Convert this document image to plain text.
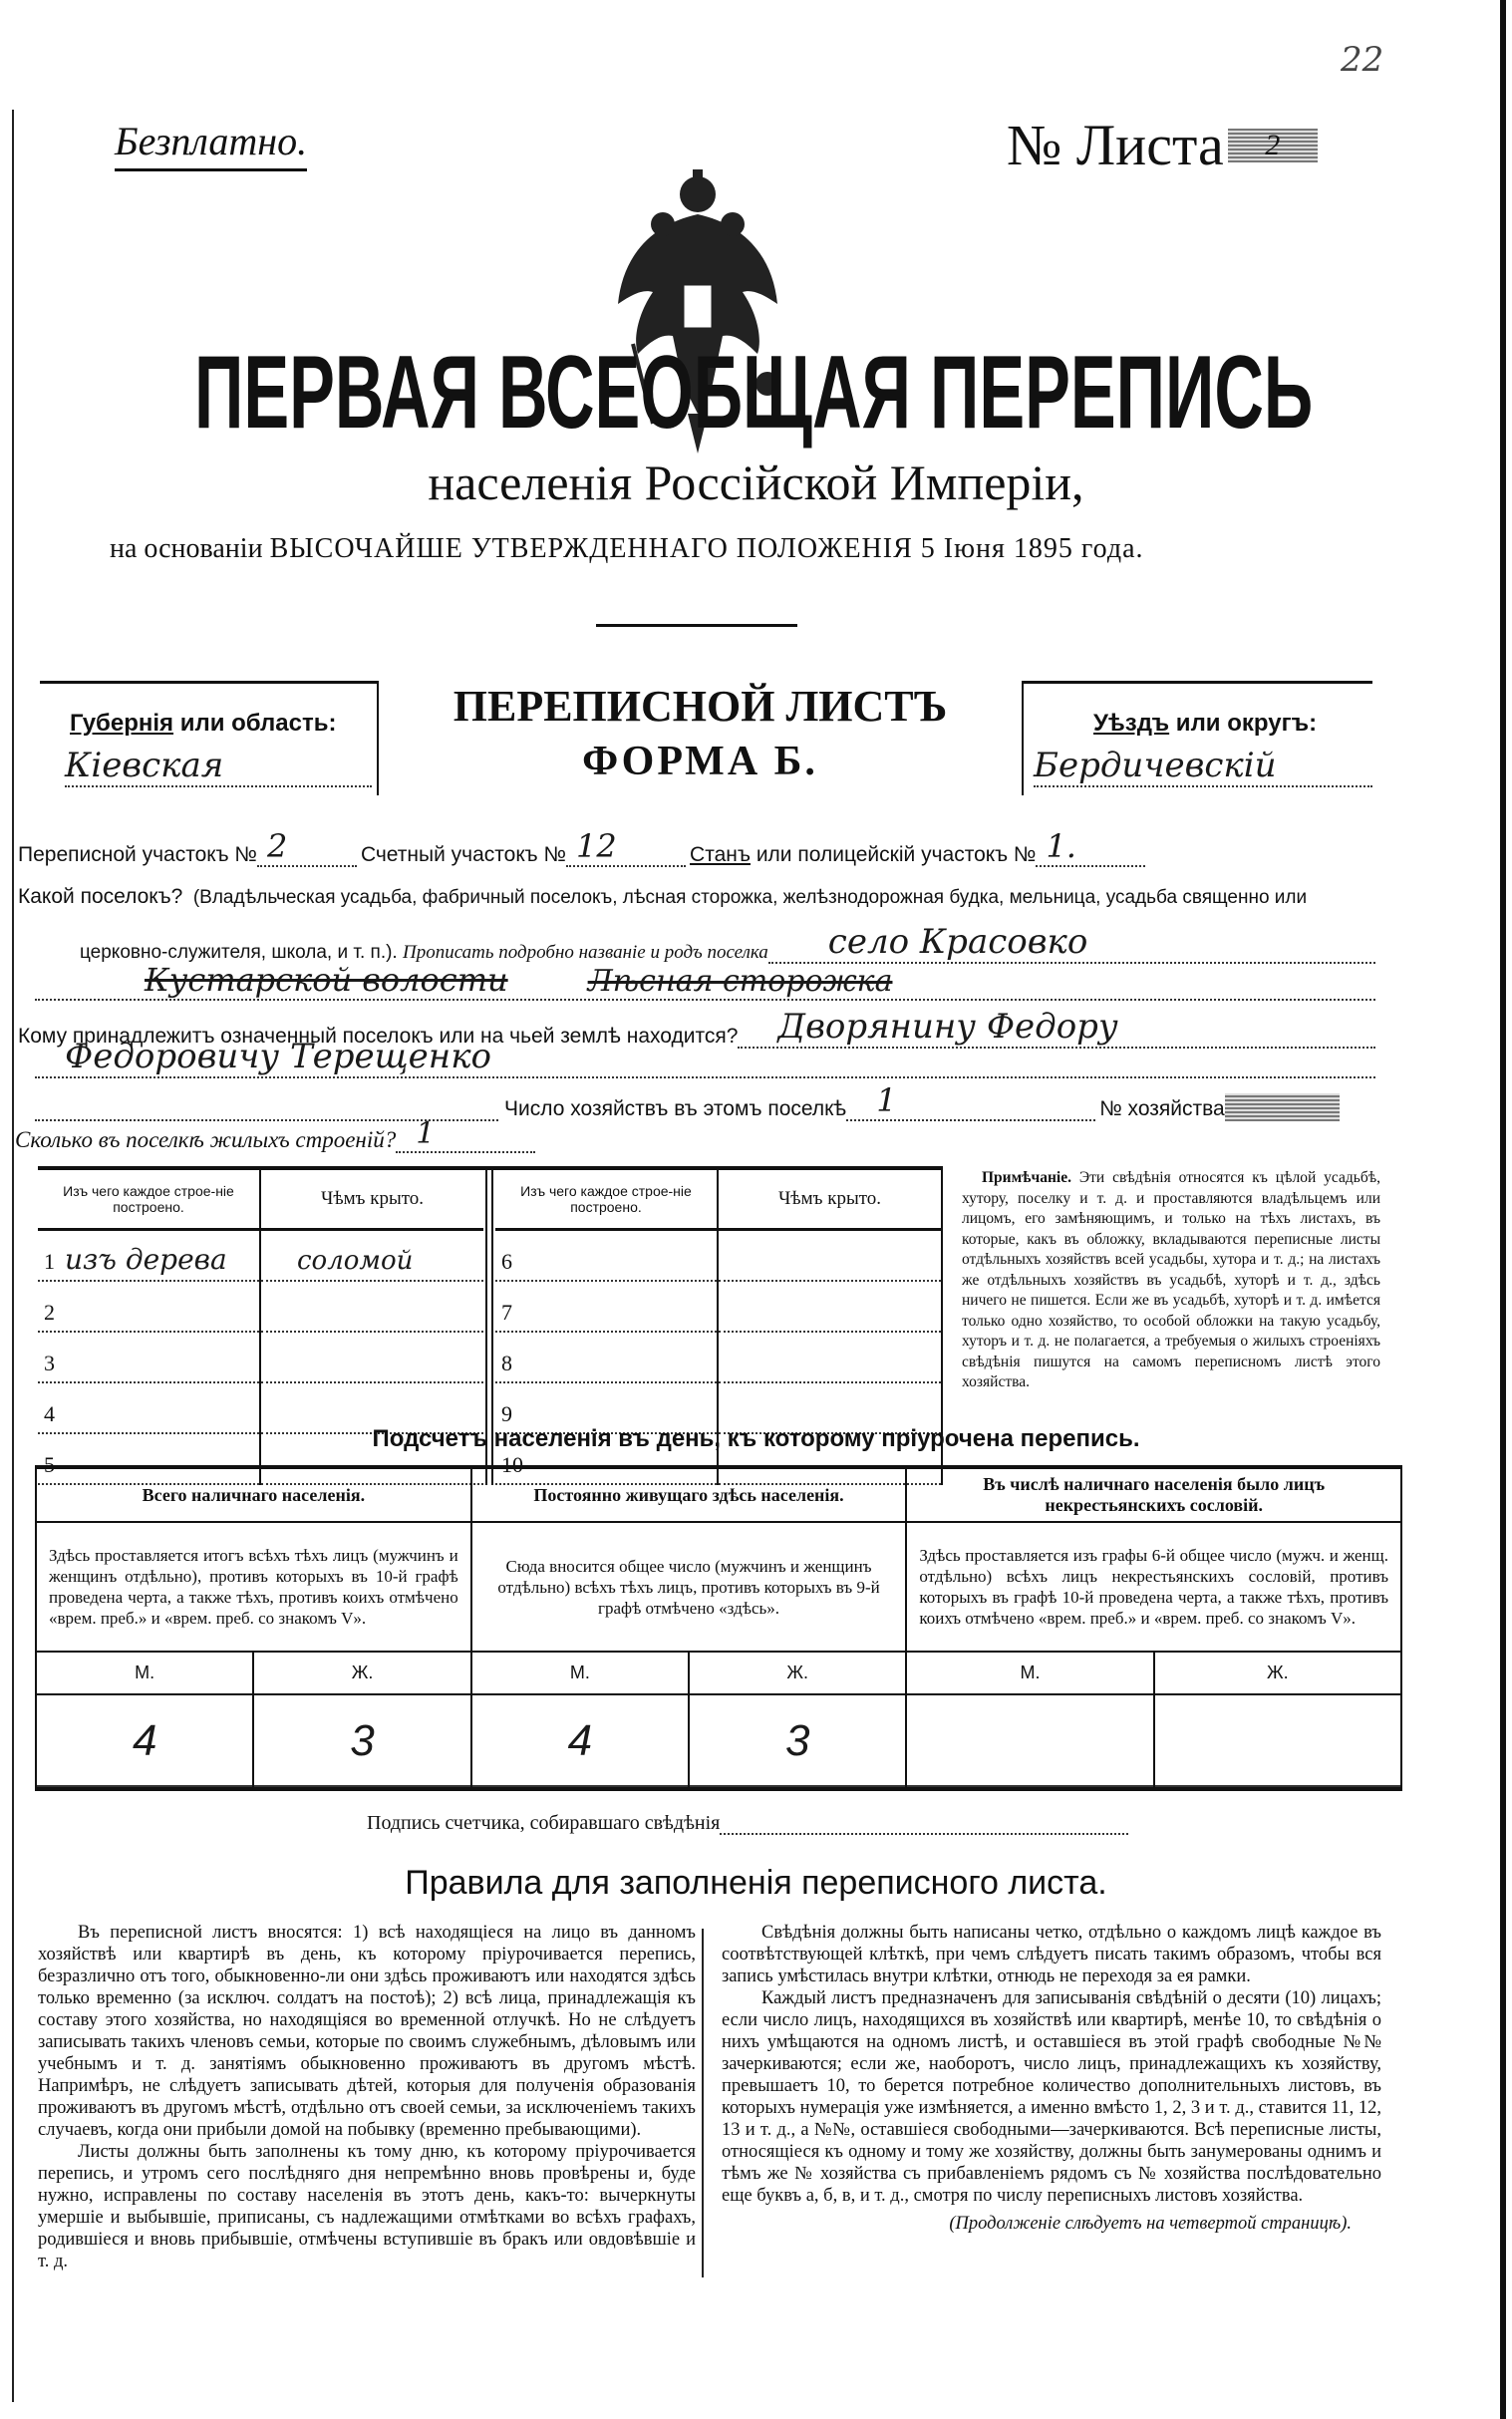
22
Безплатно.	№ Листа	2
ПЕРВАЯ ВСЕОБЩАЯ ПЕРЕПИСЬ
населенія Россійской Имперіи,
на основаніи ВЫСОЧАЙШЕ УТВЕРЖДЕННАГО ПОЛОЖЕНІЯ 5 Іюня 1895 года.
Губернія или область:
Кіевская
ПЕРЕПИСНОЙ ЛИСТЪ
ФОРМА Б.
Уѣздъ или округъ:
Бердичевскій
Переписной участокъ № 2	Счетный участокъ № 12	Станъ
или полицейскій участокъ № 1.
Какой поселокъ? (Владѣльческая усадьба, фабричный поселокъ, лѣсная сторожка, желѣзнодорожная будка, мельница, усадьба священно или
церковно-служителя, школа, и т. п.).
Прописать подробно названіе и родъ поселка	село Красовко
Кустарской волости	Лѣсная сторожка
Кому принадлежитъ означенный поселокъ или на чьей землѣ находится?	Дворянину Федору
Федоровичу Терещенко
Число хозяйствъ въ этомъ поселкѣ 1	№ хозяйства
Сколько въ поселкѣ жилыхъ строеній? 1
Изъ чего каждое строе-ніе построено.	Чѣмъ крыто.
1 изъ дерева	соломой
2	
3	
4	
5	
Изъ чего каждое строе-ніе построено.	Чѣмъ крыто.
6	
7	
8	
9	
10	
Примѣчаніе. Эти свѣдѣнія относятся къ цѣлой усадьбѣ, хутору, поселку и т. д. и проставляются владѣльцемъ или лицомъ, его замѣняющимъ, и только на тѣхъ листахъ, въ которые, какъ въ обложку, вкладываются переписные листы отдѣльныхъ хозяйствъ всей усадьбы, хутора и т. д.; на листахъ же отдѣльныхъ хозяйствъ въ усадьбѣ, хуторѣ и т. д., здѣсь ничего не пишется. Если же въ усадьбѣ, хуторѣ и т. д. имѣется только одно хозяйство, то особой обложки на такую усадьбу, хуторъ и т. д. не полагается, а требуемыя о жилыхъ строеніяхъ свѣдѣнія пишутся на самомъ переписномъ листѣ этого хозяйства.
Подсчетъ населенія въ день, къ которому пріурочена перепись.
Всего наличнаго населенія.		Постоянно живущаго здѣсь населенія.		Въ числѣ наличнаго населенія было лицъ некрестьянскихъ сословій.	
Здѣсь проставляется итогъ всѣхъ тѣхъ лицъ (мужчинъ и женщинъ отдѣльно), противъ которыхъ въ 10-й графѣ проведена черта, а также тѣхъ, противъ коихъ отмѣчено «врем. преб.» и «врем. преб. со знакомъ V».		Сюда вносится общее число (мужчинъ и женщинъ отдѣльно) всѣхъ тѣхъ лицъ, противъ которыхъ въ 9-й графѣ отмѣчено «здѣсь».		Здѣсь проставляется изъ графы 6-й общее число (мужч. и женщ. отдѣльно) всѣхъ лицъ некрестьянскихъ сословій, противъ которыхъ въ графѣ 10-й проведена черта, а также тѣхъ, противъ коихъ отмѣчено «врем. преб.» и «врем. преб. со знакомъ V».	
М.	Ж.	М.	Ж.	М.	Ж.
4	3	4	3		
Подпись счетчика, собиравшаго свѣдѣнія
Правила для заполненія переписного листа.

Въ переписной листъ вносятся: 1) всѣ находящіеся на лицо въ данномъ хозяйствѣ или квартирѣ въ день, къ которому пріурочивается перепись, безразлично отъ того, обыкновенно-ли они здѣсь проживаютъ или находятся здѣсь только временно (за исключ. солдатъ на постоѣ); 2) всѣ лица, принадлежащія къ составу этого хозяйства, но находящіяся во временной отлучкѣ. Но не слѣдуетъ записывать такихъ членовъ семьи, которые по своимъ служебнымъ, дѣловымъ или учебнымъ и т. д. занятіямъ обыкновенно проживаютъ въ другомъ мѣстѣ. Напримѣръ, не слѣдуетъ записывать дѣтей, которыя для полученія образованія проживаютъ въ другомъ мѣстѣ, отдѣльно отъ своей семьи, за исключеніемъ такихъ случаевъ, когда они прибыли домой на побывку (временно пребывающими).

Листы должны быть заполнены къ тому дню, къ которому пріурочивается перепись, и утромъ сего послѣдняго дня непремѣнно вновь провѣрены и, буде нужно, исправлены по составу населенія въ этотъ день, какъ-то: вычеркнуты умершіе и выбывшіе, приписаны, съ надлежащими отмѣтками во всѣхъ графахъ, родившіеся и вновь прибывшіе, отмѣчены вступившіе въ бракъ или овдовѣвшіе и т. д.

Свѣдѣнія должны быть написаны четко, отдѣльно о каждомъ лицѣ каждое въ соотвѣтствующей клѣткѣ, при чемъ слѣдуетъ писать такимъ образомъ, чтобы вся запись умѣстилась внутри клѣтки, отнюдь не переходя за ея рамки.

Каждый листъ предназначенъ для записыванія свѣдѣній о десяти (10) лицахъ; если число лицъ, находящихся въ хозяйствѣ или квартирѣ, менѣе 10, то свѣдѣнія о нихъ умѣщаются на одномъ листѣ, и оставшіеся въ этой графѣ свободные №№ зачеркиваются; если же, наоборотъ, число лицъ, принадлежащихъ къ хозяйству, превышаетъ 10, то берется потребное количество дополнительныхъ листовъ, въ которыхъ нумерація уже измѣняется, а именно вмѣсто 1, 2, 3 и т. д., ставится 11, 12, 13 и т. д., а №№, оставшіеся свободными—зачеркиваются. Всѣ переписные листы, относящіеся къ одному и тому же хозяйству, должны быть занумерованы однимъ и тѣмъ же № хозяйства съ прибавленіемъ рядомъ съ № хозяйства послѣдовательно еще буквъ а, б, в, и т. д., смотря по числу переписныхъ листовъ хозяйства.

(Продолженіе слѣдуетъ на четвертой страницѣ).
